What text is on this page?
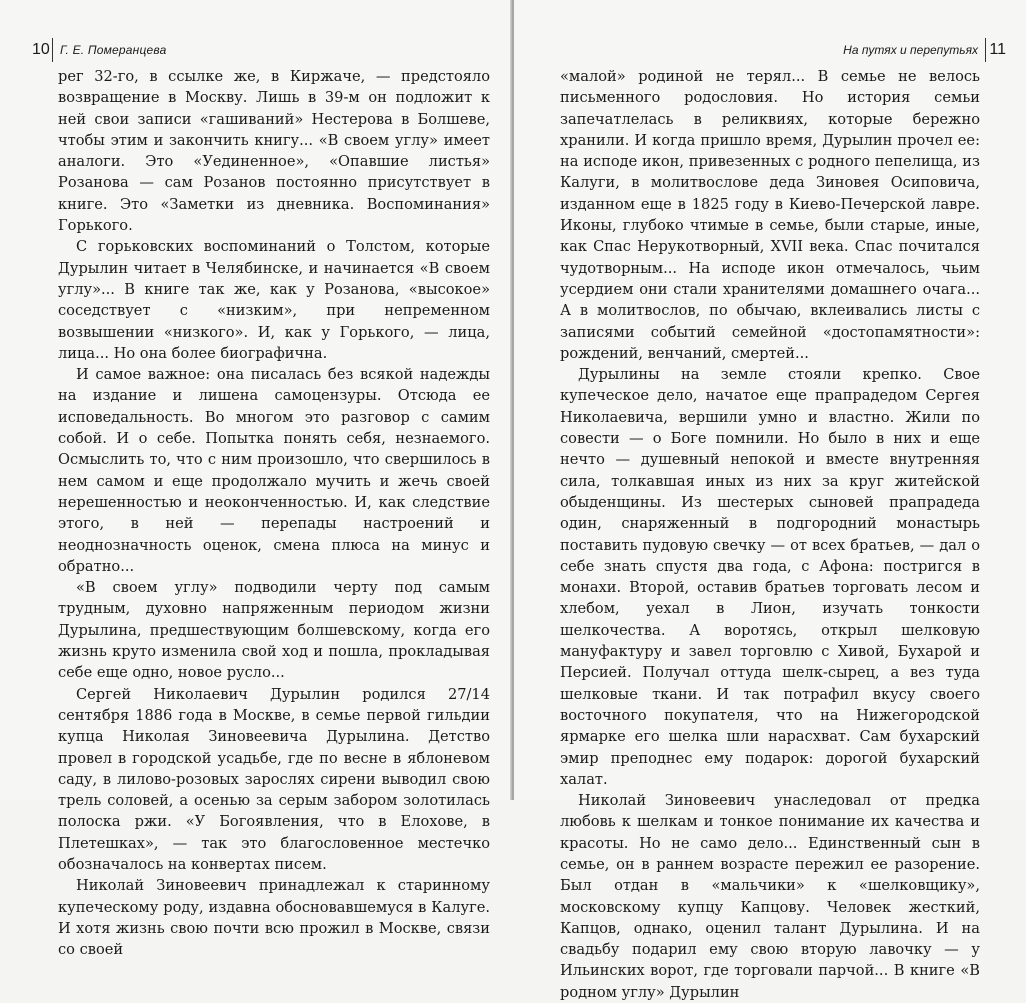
10 Г. Е. Померанцева

рег 32-го, в ссылке же, в Киржаче, — предстояло возвращение в Москву. Лишь в 39-м он подложит к ней свои записи «гашиваний» Нестерова в Болшеве, чтобы этим и закончить книгу... «В своем углу» имеет аналоги. Это «Уединенное», «Опавшие листья» Розанова — сам Розанов постоянно присутствует в книге. Это «Заметки из дневника. Воспоминания» Горького.

С горьковских воспоминаний о Толстом, которые Дурылин читает в Челябинске, и начинается «В своем углу»... В книге так же, как у Розанова, «высокое» соседствует с «низким», при непременном возвышении «низкого». И, как у Горького, — лица, лица... Но она более биографична.

И самое важное: она писалась без всякой надежды на издание и лишена самоцензуры. Отсюда ее исповедальность. Во многом это разговор с самим собой. И о себе. Попытка понять себя, незнаемого. Осмыслить то, что с ним произошло, что свершилось в нем самом и еще продолжало мучить и жечь своей нерешенностью и неоконченностью. И, как следствие этого, в ней — перепады настроений и неоднозначность оценок, смена плюса на минус и обратно...

«В своем углу» подводили черту под самым трудным, духовно напряженным периодом жизни Дурылина, предшествующим болшевскому, когда его жизнь круто изменила свой ход и пошла, прокладывая себе еще одно, новое русло...

Сергей Николаевич Дурылин родился 27/14 сентября 1886 года в Москве, в семье первой гильдии купца Николая Зиновеевича Дурылина. Детство провел в городской усадьбе, где по весне в яблоневом саду, в лилово-розовых зарослях сирени выводил свою трель соловей, а осенью за серым забором золотилась полоска ржи. «У Богоявления, что в Елохове, в Плетешках», — так это благословенное местечко обозначалось на конвертах писем.

Николай Зиновеевич принадлежал к старинному купеческому роду, издавна обосновавшемуся в Калуге. И хотя жизнь свою почти всю прожил в Москве, связи со своей

На путях и перепутьях 11

«малой» родиной не терял... В семье не велось письменного родословия. Но история семьи запечатлелась в реликвиях, которые бережно хранили. И когда пришло время, Дурылин прочел ее: на исподе икон, привезенных с родного пепелища, из Калуги, в молитвослове деда Зиновея Осиповича, изданном еще в 1825 году в Киево-Печерской лавре. Иконы, глубоко чтимые в семье, были старые, иные, как Спас Нерукотворный, XVII века. Спас почитался чудотворным... На исподе икон отмечалось, чьим усердием они стали хранителями домашнего очага... А в молитвослов, по обычаю, вклеивались листы с записями событий семейной «достопамятности»: рождений, венчаний, смертей...

Дурылины на земле стояли крепко. Свое купеческое дело, начатое еще прапрадедом Сергея Николаевича, вершили умно и властно. Жили по совести — о Боге помнили. Но было в них и еще нечто — душевный непокой и вместе внутренняя сила, толкавшая иных из них за круг житейской обыденщины. Из шестерых сыновей прапрадеда один, снаряженный в подгородний монастырь поставить пудовую свечку — от всех братьев, — дал о себе знать спустя два года, с Афона: постригся в монахи. Второй, оставив братьев торговать лесом и хлебом, уехал в Лион, изучать тонкости шелкочества. А воротясь, открыл шелковую мануфактуру и завел торговлю с Хивой, Бухарой и Персией. Получал оттуда шелк-сырец, а вез туда шелковые ткани. И так потрафил вкусу своего восточного покупателя, что на Нижегородской ярмарке его шелка шли нарасхват. Сам бухарский эмир преподнес ему подарок: дорогой бухарский халат.

Николай Зиновеевич унаследовал от предка любовь к шелкам и тонкое понимание их качества и красоты. Но не само дело... Единственный сын в семье, он в раннем возрасте пережил ее разорение. Был отдан в «мальчики» к «шелковщику», московскому купцу Капцову. Человек жесткий, Капцов, однако, оценил талант Дурылина. И на свадьбу подарил ему свою вторую лавочку — у Ильинских ворот, где торговали парчой... В книге «В родном углу» Дурылин
